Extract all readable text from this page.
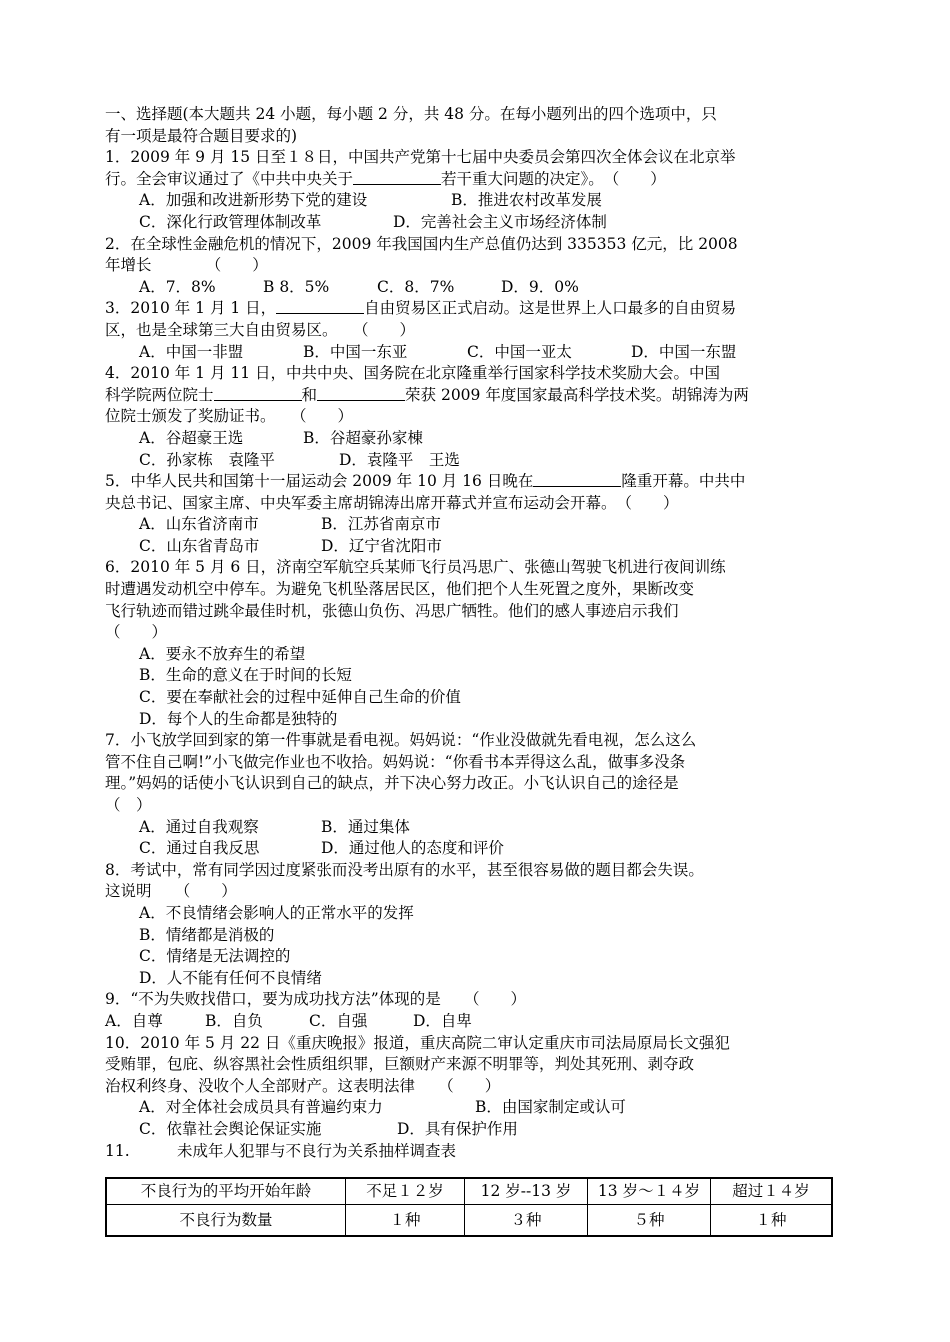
一、选择题(本大题共 24 小题，每小题 2 分，共 48 分。在每小题列出的四个选项中，只
有一项是最符合题目要求的)
1．2009 年 9 月 15 日至１８日，中国共产党第十七届中央委员会第四次全体会议在北京举
行。全会审议通过了《中共中央关于	若干重大问题的决定》。　（　　）
A．加强和改进新形势下党的建设	B．推进农村改革发展
C．深化行政管理体制改革	D．完善社会主义市场经济体制
2．在全球性金融危机的情况下，2009 年我国国内生产总值仍达到 335353 亿元，比 2008
年增长　　　　（　　）
A．7．8%	B 8．5%	C．8．7%	D．9．0%
3．2010 年 1 月 1 日，	自由贸易区正式启动。这是世界上人口最多的自由贸易
区，也是全球第三大自由贸易区。　　（　　）
A．中国一非盟	B．中国一东亚	C．中国一亚太	D．中国一东盟
4．2010 年 1 月 11 日，中共中央、国务院在北京隆重举行国家科学技术奖励大会。中国
科学院两位院士	和	荣获 2009 年度国家最高科学技术奖。胡锦涛为两
位院士颁发了奖励证书。　　（　　）
A．谷超豪王选	B．谷超豪孙家棟
C．孙家栋　袁隆平	D．袁隆平　王选
5．中华人民共和国第十一届运动会 2009 年 10 月 16 日晚在	隆重开幕。中共中
央总书记、国家主席、中央军委主席胡锦涛出席开幕式并宣布运动会开幕。　（　　）
A．山东省济南市	B．江苏省南京市
C．山东省青岛市	D．辽宁省沈阳市
6．2010 年 5 月 6 日，济南空军航空兵某师飞行员冯思广、张德山驾驶飞机进行夜间训练
时遭遇发动机空中停车。为避免飞机坠落居民区，他们把个人生死置之度外，果断改变
飞行轨迹而错过跳伞最佳时机，张德山负伤、冯思广牺牲。他们的感人事迹启示我们
（　　）
A．要永不放弃生的希望
B．生命的意义在于时间的长短
C．要在奉献社会的过程中延伸自己生命的价值
D．每个人的生命都是独特的
7．小飞放学回到家的第一件事就是看电视。妈妈说：“作业没做就先看电视，怎么这么
管不住自己啊!”小飞做完作业也不收拾。妈妈说：“你看书本弄得这么乱，做事多没条
理。”妈妈的话使小飞认识到自己的缺点，并下决心努力改正。小飞认识自己的途径是
（　）
A．通过自我观察	B．通过集体
C．通过自我反思	D．通过他人的态度和评价
8．考试中，常有同学因过度紧张而没考出原有的水平，甚至很容易做的题目都会失误。
这说明　　（　　）
A．不良情绪会影响人的正常水平的发挥
B．情绪都是消极的
C．情绪是无法调控的
D．人不能有任何不良情绪
9．“不为失败找借口，要为成功找方法”体现的是　　（　　）
A．自尊	B．自负	C．自强	D．自卑
10．2010 年 5 月 22 日《重庆晚报》报道，重庆高院二审认定重庆市司法局原局长文强犯
受贿罪，包庇、纵容黑社会性质组织罪，巨额财产来源不明罪等，判处其死刑、剥夺政
治权利终身、没收个人全部财产。这表明法律　　（　　）
A．对全体社会成员具有普遍约束力	B．由国家制定或认可
C．依靠社会舆论保证实施	D．具有保护作用
11.	未成年人犯罪与不良行为关系抽样调查表
不良行为的平均开始年龄	不足１２岁	12 岁--13 岁	13 岁～１４岁	超过１４岁
不良行为数量	１种	３种	５种	１种
